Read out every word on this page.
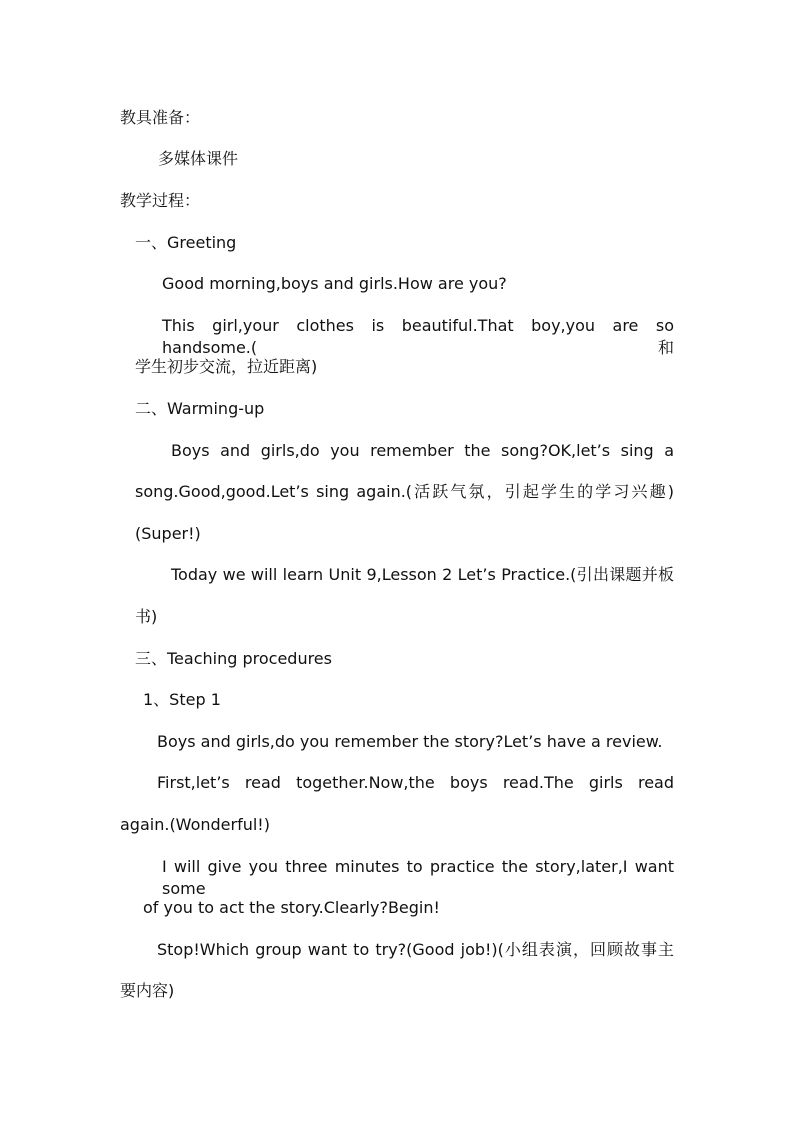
教具准备：
多媒体课件
教学过程：
一、Greeting
Good morning,boys and girls.How are you?
This girl,your clothes is beautiful.That boy,you are so handsome.(和
学生初步交流，拉近距离)
二、Warming-up
Boys and girls,do you remember the song?OK,let’s sing a
song.Good,good.Let’s sing again.(活跃气氛，引起学生的学习兴趣)
(Super!)
Today we will learn Unit 9,Lesson 2 Let’s Practice.(引出课题并板
书)
三、Teaching procedures
1、Step 1
Boys and girls,do you remember the story?Let’s have a review.
First,let’s read together.Now,the boys read.The girls read
again.(Wonderful!)
I will give you three minutes to practice the story,later,I want some
of you to act the story.Clearly?Begin!
Stop!Which group want to try?(Good job!)(小组表演，回顾故事主
要内容)
